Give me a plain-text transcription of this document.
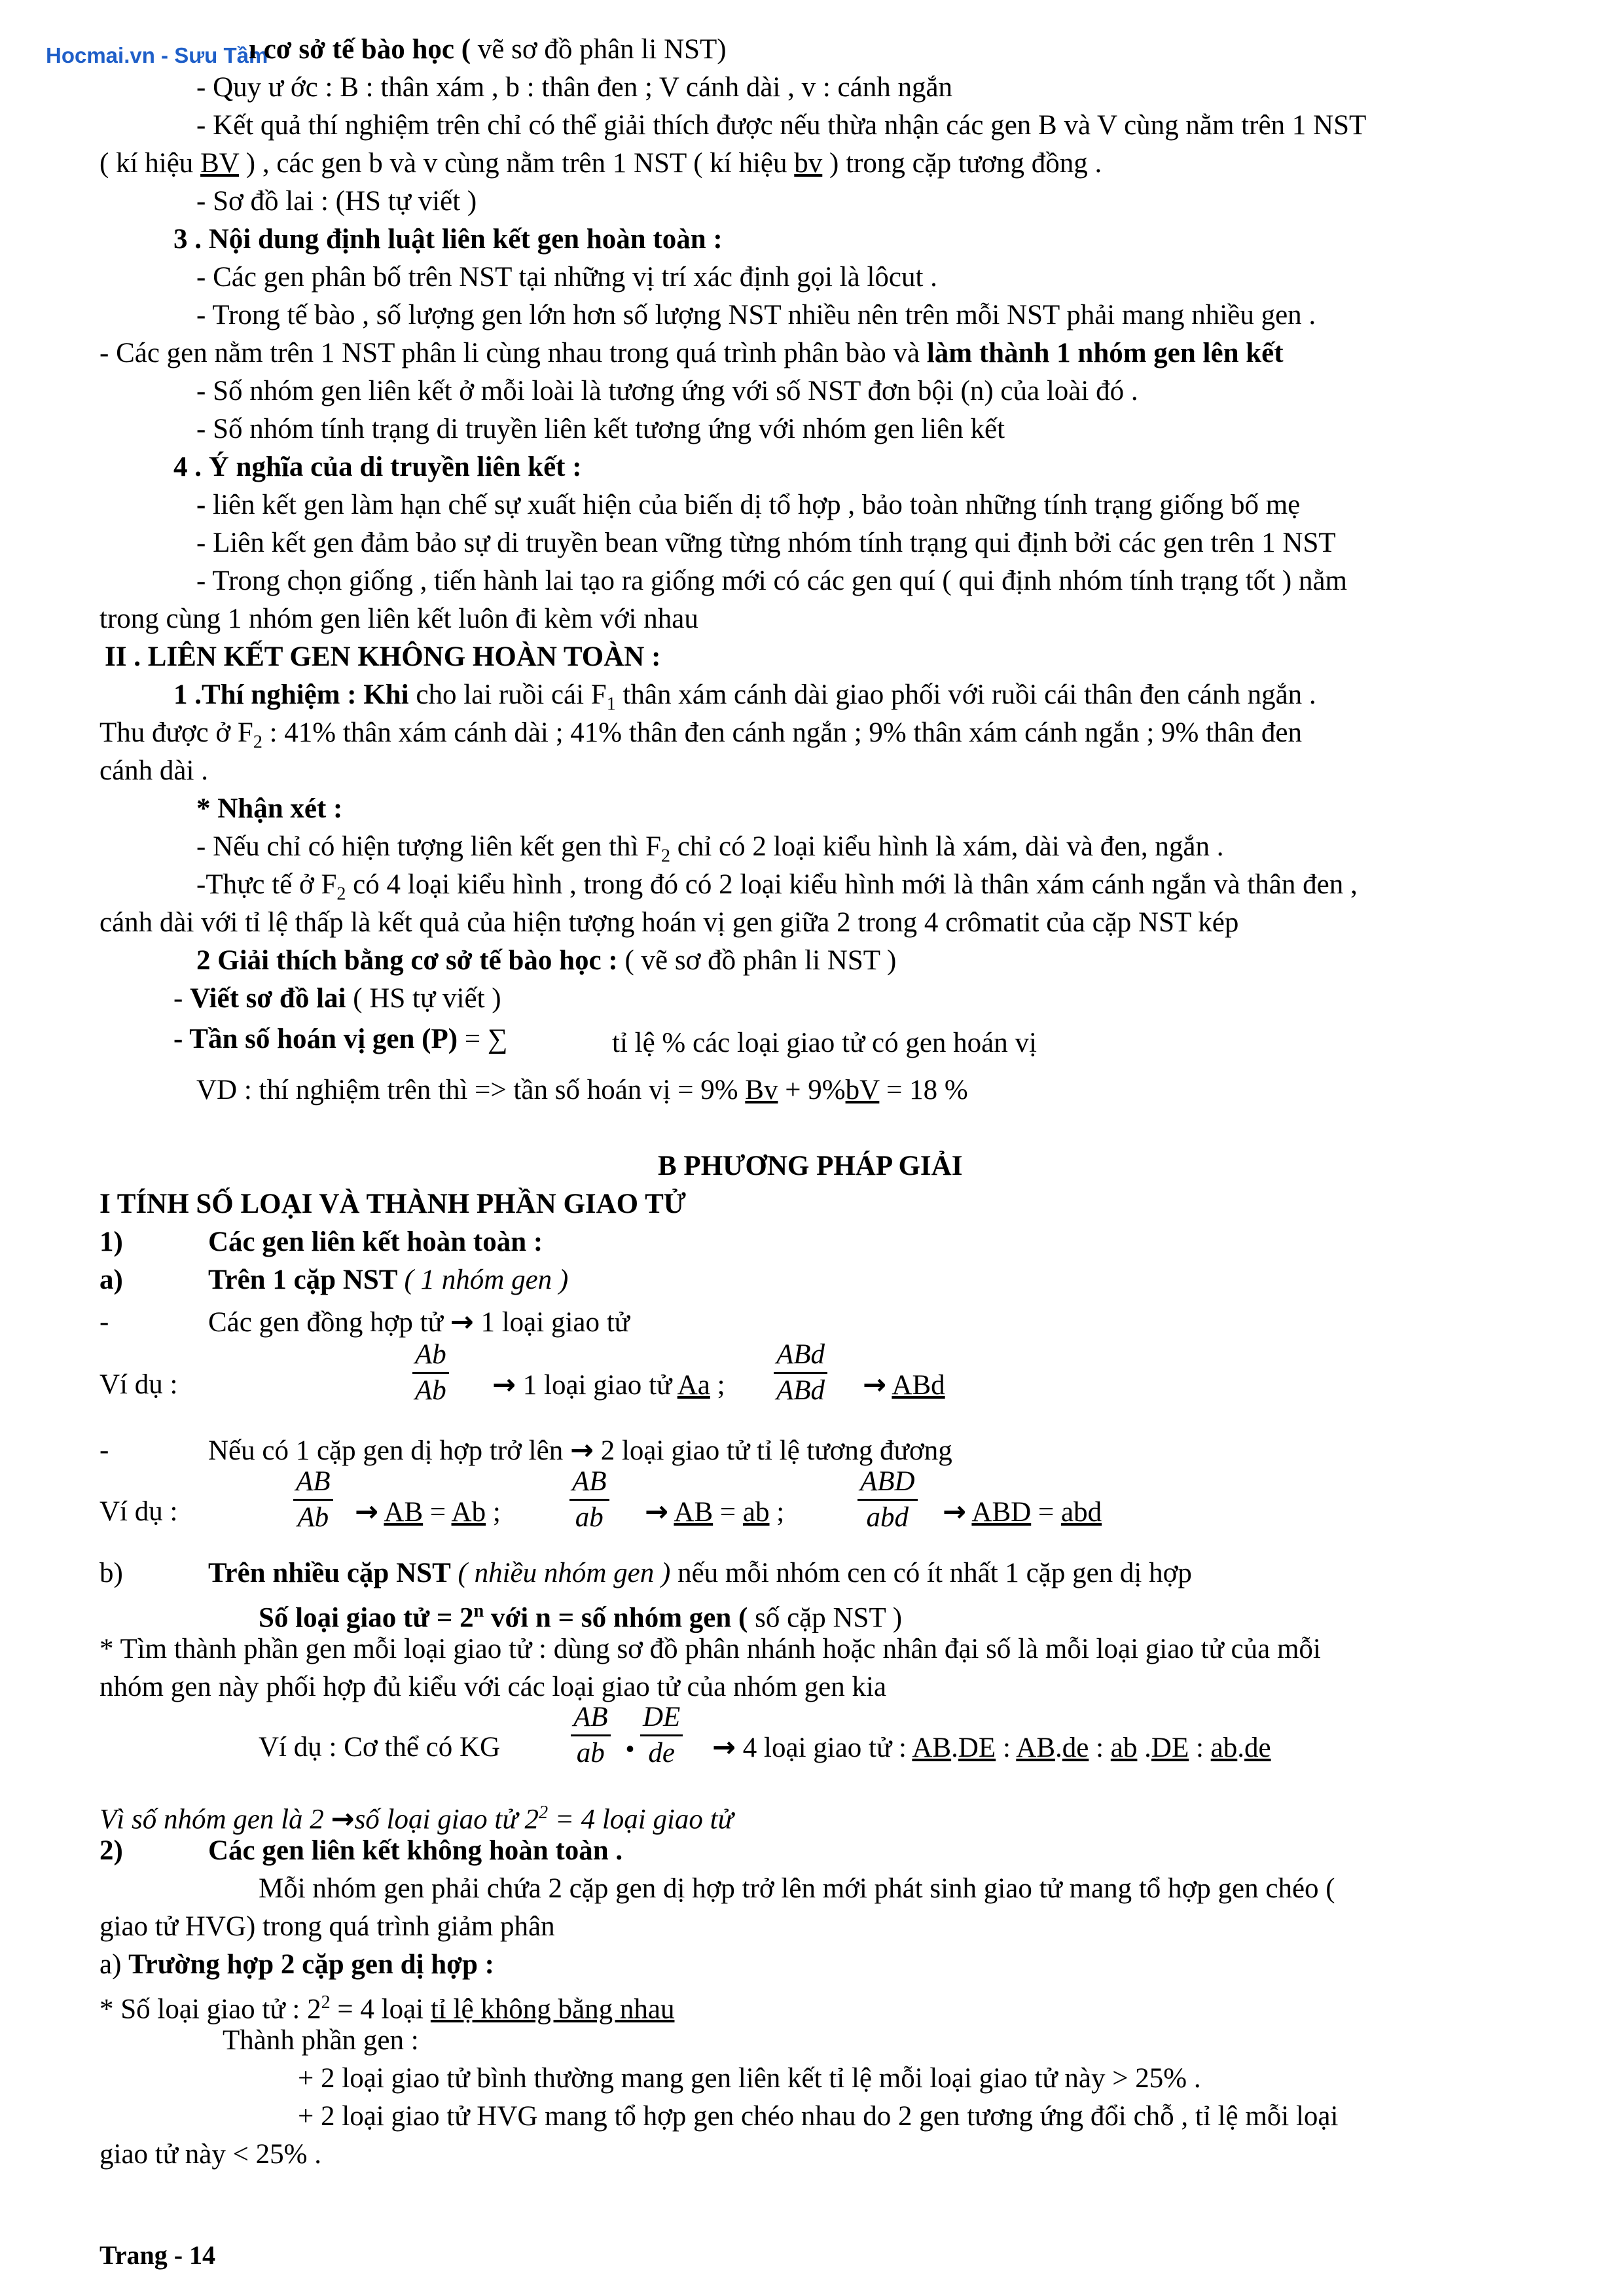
Hocmai.vn - Sưu Tầm
ı cơ sở tế bào học ( vẽ sơ đồ phân li NST)
- Quy ư ớc : B : thân xám , b : thân đen ; V cánh dài , v : cánh ngắn
- Kết quả thí nghiệm trên chỉ có thể giải thích được nếu thừa nhận các gen B và V cùng nằm trên 1 NST
( kí hiệu BV ) , các gen b và v cùng nằm trên 1 NST ( kí hiệu bv ) trong cặp tương đồng .
- Sơ đồ lai : (HS tự viết )
3 . Nội dung định luật liên kết gen hoàn toàn :
- Các gen phân bố trên NST tại những vị trí xác định gọi là lôcut .
- Trong tế bào , số lượng gen lớn hơn số lượng NST nhiều nên trên mỗi NST phải mang nhiều gen .
- Các gen nằm trên 1 NST phân li cùng nhau trong quá trình phân bào và làm thành 1 nhóm gen lên kết
- Số nhóm gen liên kết ở mỗi loài là tương ứng với số NST đơn bội (n) của loài đó .
- Số nhóm tính trạng di truyền liên kết tương ứng với nhóm gen liên kết
4 . Ý nghĩa của di truyền liên kết :
- liên kết gen làm hạn chế sự xuất hiện của biến dị tổ hợp , bảo toàn những tính trạng giống bố mẹ
- Liên kết gen đảm bảo sự di truyền bean vững từng nhóm tính trạng qui định bởi các gen trên 1 NST
- Trong chọn giống , tiến hành lai tạo ra giống mới có các gen quí ( qui định nhóm tính trạng tốt ) nằm
trong cùng 1 nhóm gen liên kết luôn đi kèm với nhau
II . LIÊN KẾT GEN KHÔNG HOÀN TOÀN :
1 .Thí nghiệm : Khi cho lai ruồi cái $F_1$ thân xám cánh dài giao phối với ruồi cái thân đen cánh ngắn .
Thu được ở $F_2$ : 41% thân xám cánh dài ; 41% thân đen cánh ngắn ; 9% thân xám cánh ngắn ; 9% thân đen
cánh dài .
* Nhận xét :
- Nếu chỉ có hiện tượng liên kết gen thì $F_2$ chỉ có 2 loại kiểu hình là xám, dài và đen, ngắn .
-Thực tế ở $F_2$ có 4 loại kiểu hình , trong đó có 2 loại kiểu hình mới là thân xám cánh ngắn và thân đen ,
cánh dài với tỉ lệ thấp là kết quả của hiện tượng hoán vị gen giữa 2 trong 4 crômatit của cặp NST kép
2 Giải thích bằng cơ sở tế bào học : ( vẽ sơ đồ phân li NST )
- Viết sơ đồ lai ( HS tự viết )
- Tần số hoán vị gen (P) = ∑	tỉ lệ % các loại giao tử có gen hoán vị
VD : thí nghiệm trên thì => tần số hoán vị = 9% Bv + 9%bV = 18 %
B PHƯƠNG PHÁP GIẢI
I TÍNH SỐ LOẠI VÀ THÀNH PHẦN GIAO TỬ
1)	Các gen liên kết hoàn toàn :
a)	Trên 1 cặp NST ( 1 nhóm gen )
-	Các gen đồng hợp tử → 1 loại giao tử
Ví dụ :	$\frac{Ab}{Ab} \to 1$ loại giao tử Aa ;
ABd
ABd → ABd
-	Nếu có 1 cặp gen dị hợp trở lên → 2 loại giao tử tỉ lệ tương đương
Ví dụ :	$\frac{AB}{Ab}$ → AB = Ab ; $\frac{AB}{ab}$ → AB = ab ;
ABD
abd	→ ABD = abd
b)	Trên nhiều cặp NST ( nhiều nhóm gen ) nếu mỗi nhóm cen có ít nhất 1 cặp gen dị hợp
Số loại giao tử = $2^n$ với n = số nhóm gen ( số cặp NST )
* Tìm thành phần gen mỗi loại giao tử : dùng sơ đồ phân nhánh hoặc nhân đại số là mỗi loại giao tử của mỗi
nhóm gen này phối hợp đủ kiểu với các loại giao tử của nhóm gen kia
Ví dụ : Cơ thể có KG	$\frac{AB}{ab}$ . $\frac{DE}{de} \to 4$ loại giao tử : AB.DE : AB.de : ab .DE : ab.de
Vì số nhóm gen là 2 →số loại giao tử $2^2 = 4$ loại giao tử
2)	Các gen liên kết không hoàn toàn .
Mỗi nhóm gen phải chứa 2 cặp gen dị hợp trở lên mới phát sinh giao tử mang tổ hợp gen chéo (
giao tử HVG) trong quá trình giảm phân
a) Trường hợp 2 cặp gen dị hợp :
* Số loại giao tử : $2^2 = 4$ loại tỉ lệ không bằng nhau
Thành phần gen :
+ 2 loại giao tử bình thường mang gen liên kết tỉ lệ mỗi loại giao tử này > 25% .
+ 2 loại giao tử HVG mang tổ hợp gen chéo nhau do 2 gen tương ứng đổi chỗ , tỉ lệ mỗi loại
giao tử này < 25% .
Trang - 14
